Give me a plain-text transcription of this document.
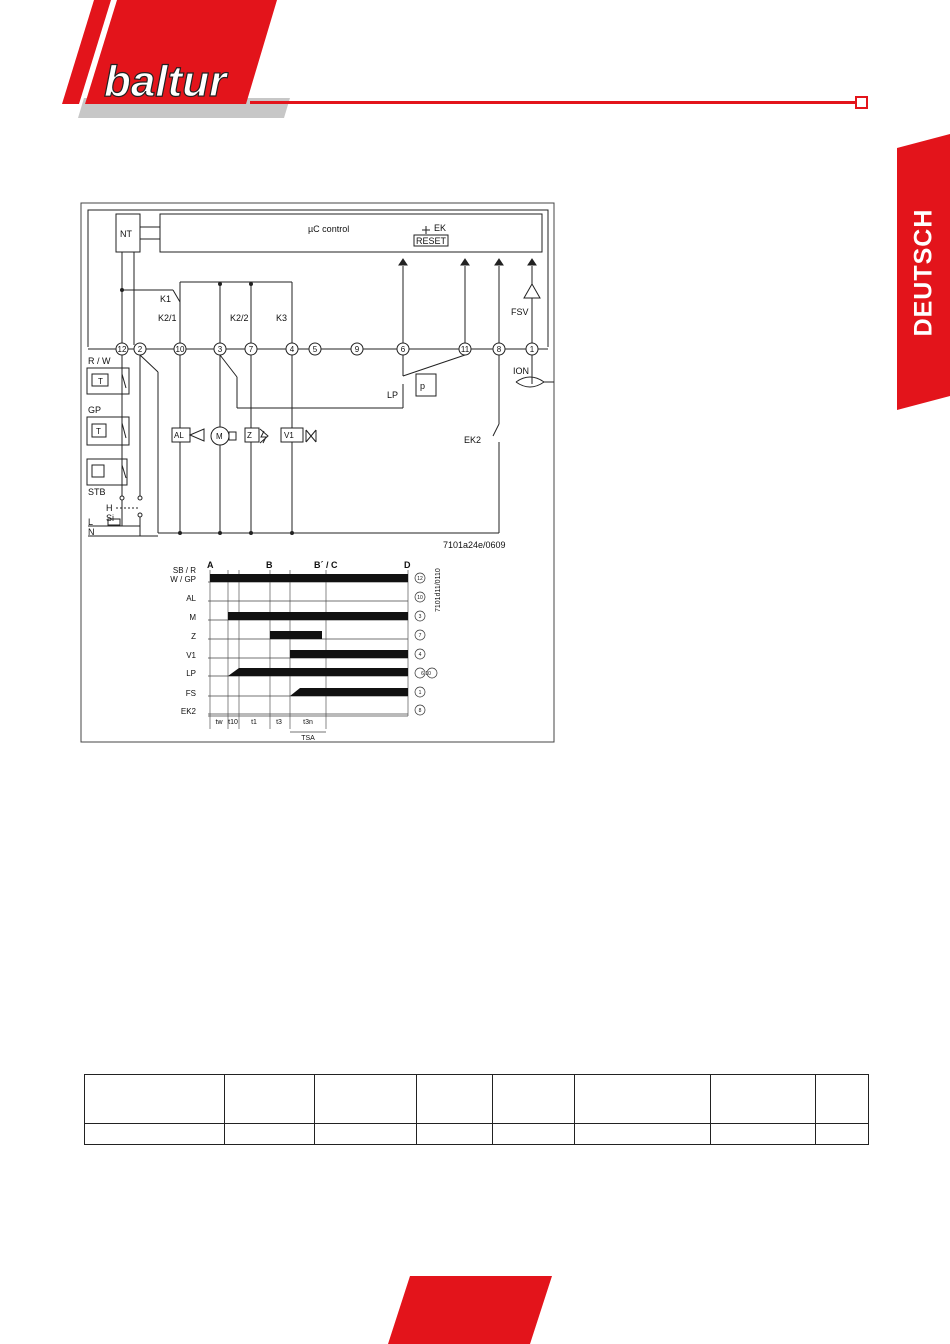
baltur
DEUTSCH
NT	µC control	EK
RESET
FSV
K1
K2/1	K2/2	K3
12 2	10	3	7	4 5	9	6	11	8	1
ION
p
LP
EK2
AL	M	Z	V1
R / W
T
GP
T
STB
H
Si
L
N
7101a24e/0609
A	B	B´ / C	D
SB / R
W / GP
AL
M
Z
V1
LP
FS
EK2
12
10
3
7
4
6 10
1
8
7101d11/0110
tw t10 t1	t3	t3n
TSA
